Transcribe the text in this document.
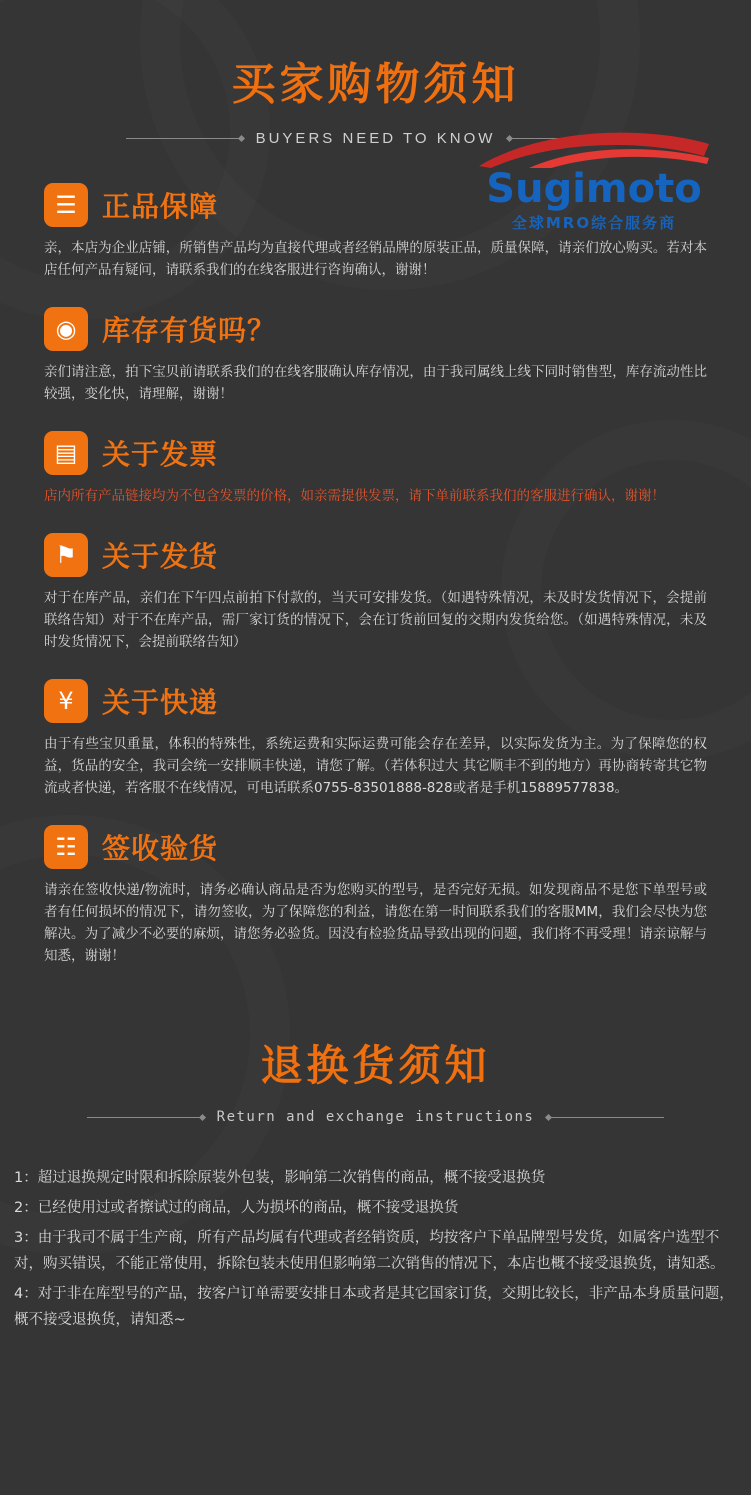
买家购物须知
BUYERS NEED TO KNOW
Sugimoto
全球MRO综合服务商
☰ 正品保障
亲，本店为企业店铺，所销售产品均为直接代理或者经销品牌的原装正品，质量保障，请亲们放心购买。若对本店任何产品有疑问，请联系我们的在线客服进行咨询确认，谢谢！
◉ 库存有货吗？
亲们请注意，拍下宝贝前请联系我们的在线客服确认库存情况，由于我司属线上线下同时销售型，库存流动性比较强，变化快，请理解，谢谢！
▤ 关于发票
店内所有产品链接均为不包含发票的价格，如亲需提供发票，请下单前联系我们的客服进行确认，谢谢！
⚑ 关于发货
对于在库产品，亲们在下午四点前拍下付款的，当天可安排发货。（如遇特殊情况，未及时发货情况下，会提前联络告知）对于不在库产品，需厂家订货的情况下，会在订货前回复的交期内发货给您。（如遇特殊情况，未及时发货情况下，会提前联络告知）
¥	关于快递
由于有些宝贝重量，体积的特殊性，系统运费和实际运费可能会存在差异，以实际发货为主。为了保障您的权益，货品的安全，我司会统一安排顺丰快递，请您了解。（若体积过大 其它顺丰不到的地方）再协商转寄其它物流或者快递，若客服不在线情况，可电话联系0755-83501888-828或者是手机15889577838。
☷ 签收验货
请亲在签收快递/物流时，请务必确认商品是否为您购买的型号，是否完好无损。如发现商品不是您下单型号或者有任何损坏的情况下，请勿签收，为了保障您的利益，请您在第一时间联系我们的客服MM，我们会尽快为您解决。为了减少不必要的麻烦，请您务必验货。因没有检验货品导致出现的问题，我们将不再受理！请亲谅解与知悉，谢谢！
退换货须知
Return and exchange instructions
1：超过退换规定时限和拆除原装外包装，影响第二次销售的商品，概不接受退换货
2：已经使用过或者擦试过的商品，人为损坏的商品，概不接受退换货
3：由于我司不属于生产商，所有产品均属有代理或者经销资质，均按客户下单品牌型号发货，如属客户选型不对，购买错误，不能正常使用，拆除包装未使用但影响第二次销售的情况下，本店也概不接受退换货，请知悉。
4：对于非在库型号的产品，按客户订单需要安排日本或者是其它国家订货，交期比较长，非产品本身质量问题，概不接受退换货，请知悉~
